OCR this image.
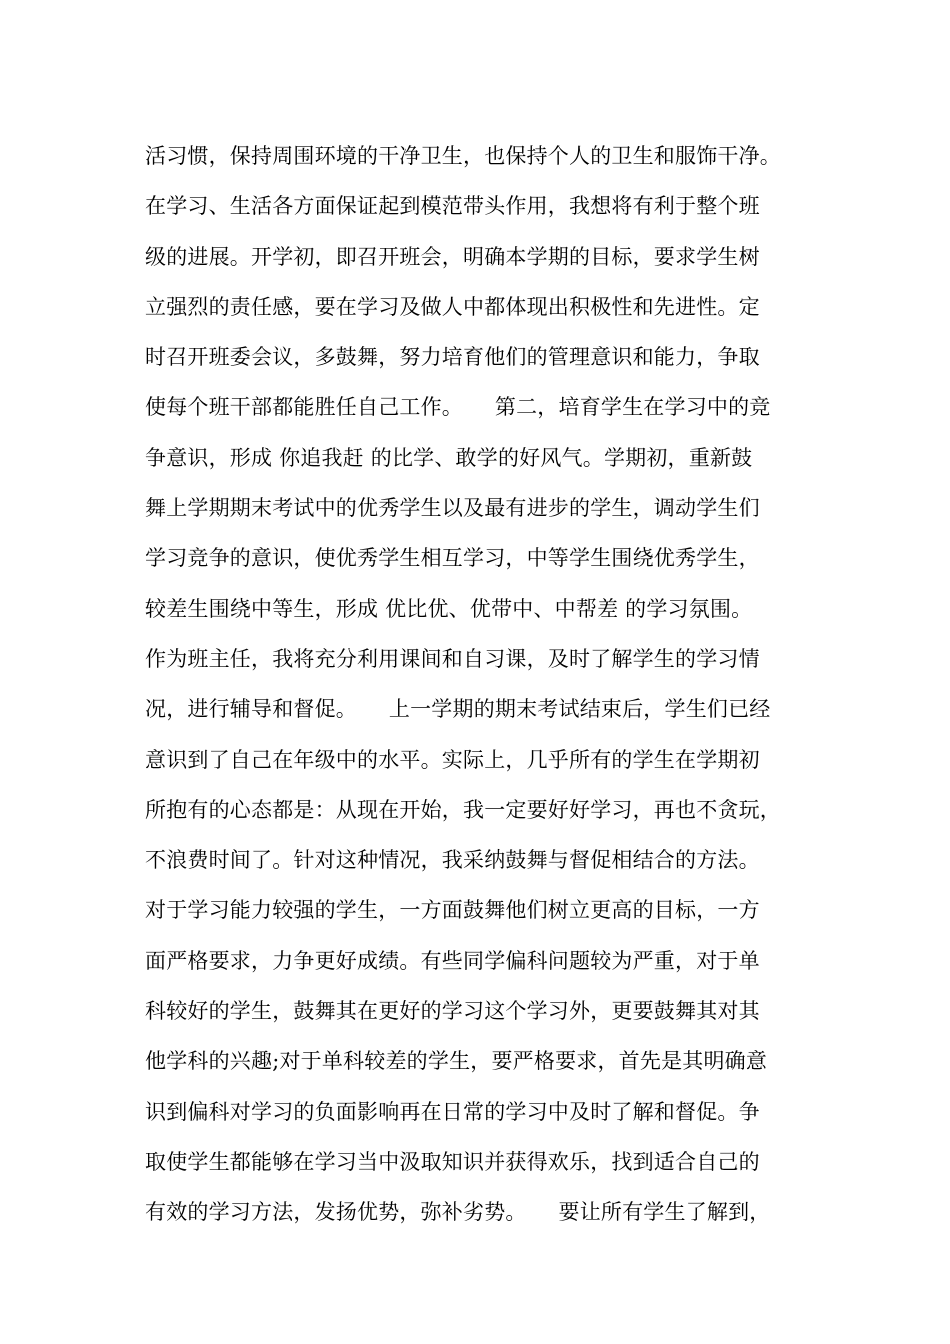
活习惯，保持周围环境的干净卫生，也保持个人的卫生和服饰干净。
在学习、生活各方面保证起到模范带头作用，我想将有利于整个班
级的进展。开学初，即召开班会，明确本学期的目标，要求学生树
立强烈的责任感，要在学习及做人中都体现出积极性和先进性。定
时召开班委会议，多鼓舞，努力培育他们的管理意识和能力，争取
使每个班干部都能胜任自己工作。　　第二，培育学生在学习中的竞
争意识，形成 你追我赶 的比学、敢学的好风气。学期初，重新鼓
舞上学期期末考试中的优秀学生以及最有进步的学生，调动学生们
学习竞争的意识，使优秀学生相互学习，中等学生围绕优秀学生，
较差生围绕中等生，形成 优比优、优带中、中帮差 的学习氛围。
作为班主任，我将充分利用课间和自习课，及时了解学生的学习情
况，进行辅导和督促。　　上一学期的期末考试结束后，学生们已经
意识到了自己在年级中的水平。实际上，几乎所有的学生在学期初
所抱有的心态都是：从现在开始，我一定要好好学习，再也不贪玩，
不浪费时间了。针对这种情况，我采纳鼓舞与督促相结合的方法。
对于学习能力较强的学生，一方面鼓舞他们树立更高的目标，一方
面严格要求，力争更好成绩。有些同学偏科问题较为严重，对于单
科较好的学生，鼓舞其在更好的学习这个学习外，更要鼓舞其对其
他学科的兴趣;对于单科较差的学生，要严格要求，首先是其明确意
识到偏科对学习的负面影响再在日常的学习中及时了解和督促。争
取使学生都能够在学习当中汲取知识并获得欢乐，找到适合自己的
有效的学习方法，发扬优势，弥补劣势。　　要让所有学生了解到，
